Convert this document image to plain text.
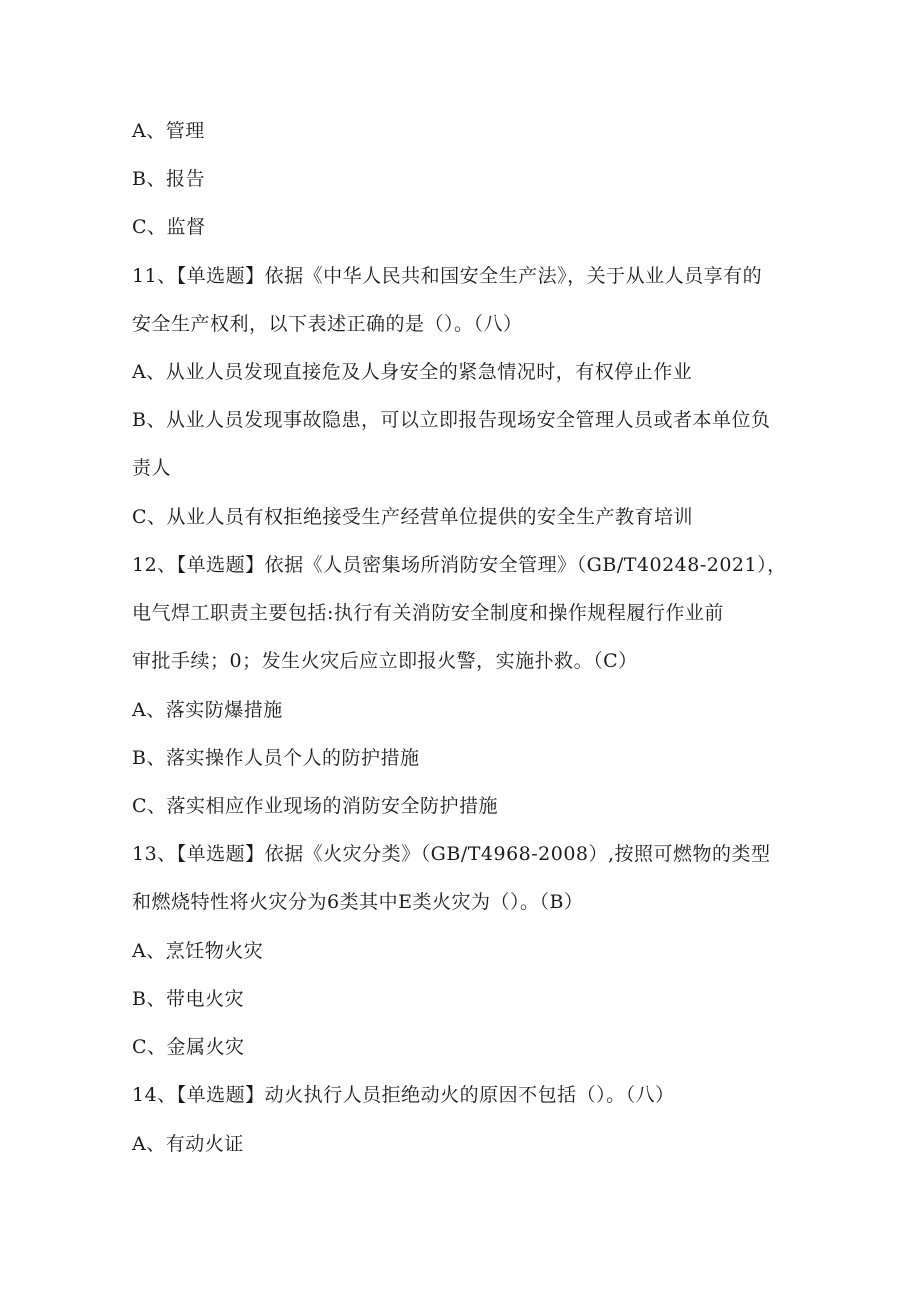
A、管理
B、报告
C、监督
11、【单选题】依据《中华人民共和国安全生产法》，关于从业人员享有的
安全生产权利，以下表述正确的是（）。（八）
A、从业人员发现直接危及人身安全的紧急情况时，有权停止作业
B、从业人员发现事故隐患，可以立即报告现场安全管理人员或者本单位负
责人
C、从业人员有权拒绝接受生产经营单位提供的安全生产教育培训
12、【单选题】依据《人员密集场所消防安全管理》（GB/T40248-2021），
电气焊工职责主要包括:执行有关消防安全制度和操作规程履行作业前
审批手续；0；发生火灾后应立即报火警，实施扑救。（C）
A、落实防爆措施
B、落实操作人员个人的防护措施
C、落实相应作业现场的消防安全防护措施
13、【单选题】依据《火灾分类》（GB/T4968-2008）,按照可燃物的类型
和燃烧特性将火灾分为6类其中E类火灾为（）。（B）
A、烹饪物火灾
B、带电火灾
C、金属火灾
14、【单选题】动火执行人员拒绝动火的原因不包括（）。（八）
A、有动火证
